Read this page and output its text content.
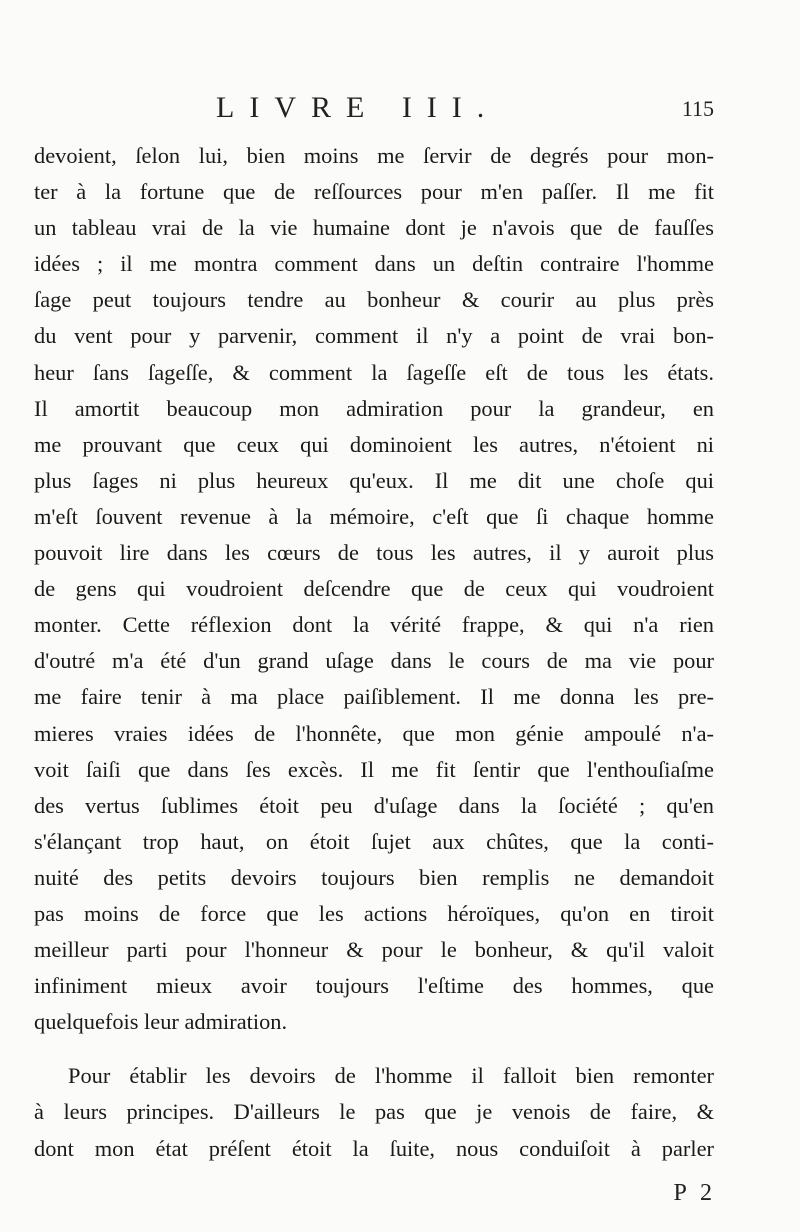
LIVRE III.	115
devoient, ſelon lui, bien moins me ſervir de degrés pour mon-
ter à la fortune que de reſſources pour m'en paſſer. Il me fit
un tableau vrai de la vie humaine dont je n'avois que de fauſſes
idées ; il me montra comment dans un deſtin contraire l'homme
ſage peut toujours tendre au bonheur & courir au plus près
du vent pour y parvenir, comment il n'y a point de vrai bon-
heur ſans ſageſſe, & comment la ſageſſe eſt de tous les états.
Il amortit beaucoup mon admiration pour la grandeur, en
me prouvant que ceux qui dominoient les autres, n'étoient ni
plus ſages ni plus heureux qu'eux. Il me dit une choſe qui
m'eſt ſouvent revenue à la mémoire, c'eſt que ſi chaque homme
pouvoit lire dans les cœurs de tous les autres, il y auroit plus
de gens qui voudroient deſcendre que de ceux qui voudroient
monter. Cette réflexion dont la vérité frappe, & qui n'a rien
d'outré m'a été d'un grand uſage dans le cours de ma vie pour
me faire tenir à ma place paiſiblement. Il me donna les pre-
mieres vraies idées de l'honnête, que mon génie ampoulé n'a-
voit ſaiſi que dans ſes excès. Il me fit ſentir que l'enthouſiaſme
des vertus ſublimes étoit peu d'uſage dans la ſociété ; qu'en
s'élançant trop haut, on étoit ſujet aux chûtes, que la conti-
nuité des petits devoirs toujours bien remplis ne demandoit
pas moins de force que les actions héroïques, qu'on en tiroit
meilleur parti pour l'honneur & pour le bonheur, & qu'il valoit
infiniment mieux avoir toujours l'eſtime des hommes, que
quelquefois leur admiration.
Pour établir les devoirs de l'homme il falloit bien remonter
à leurs principes. D'ailleurs le pas que je venois de faire, &
dont mon état préſent étoit la ſuite, nous conduiſoit à parler
P 2
